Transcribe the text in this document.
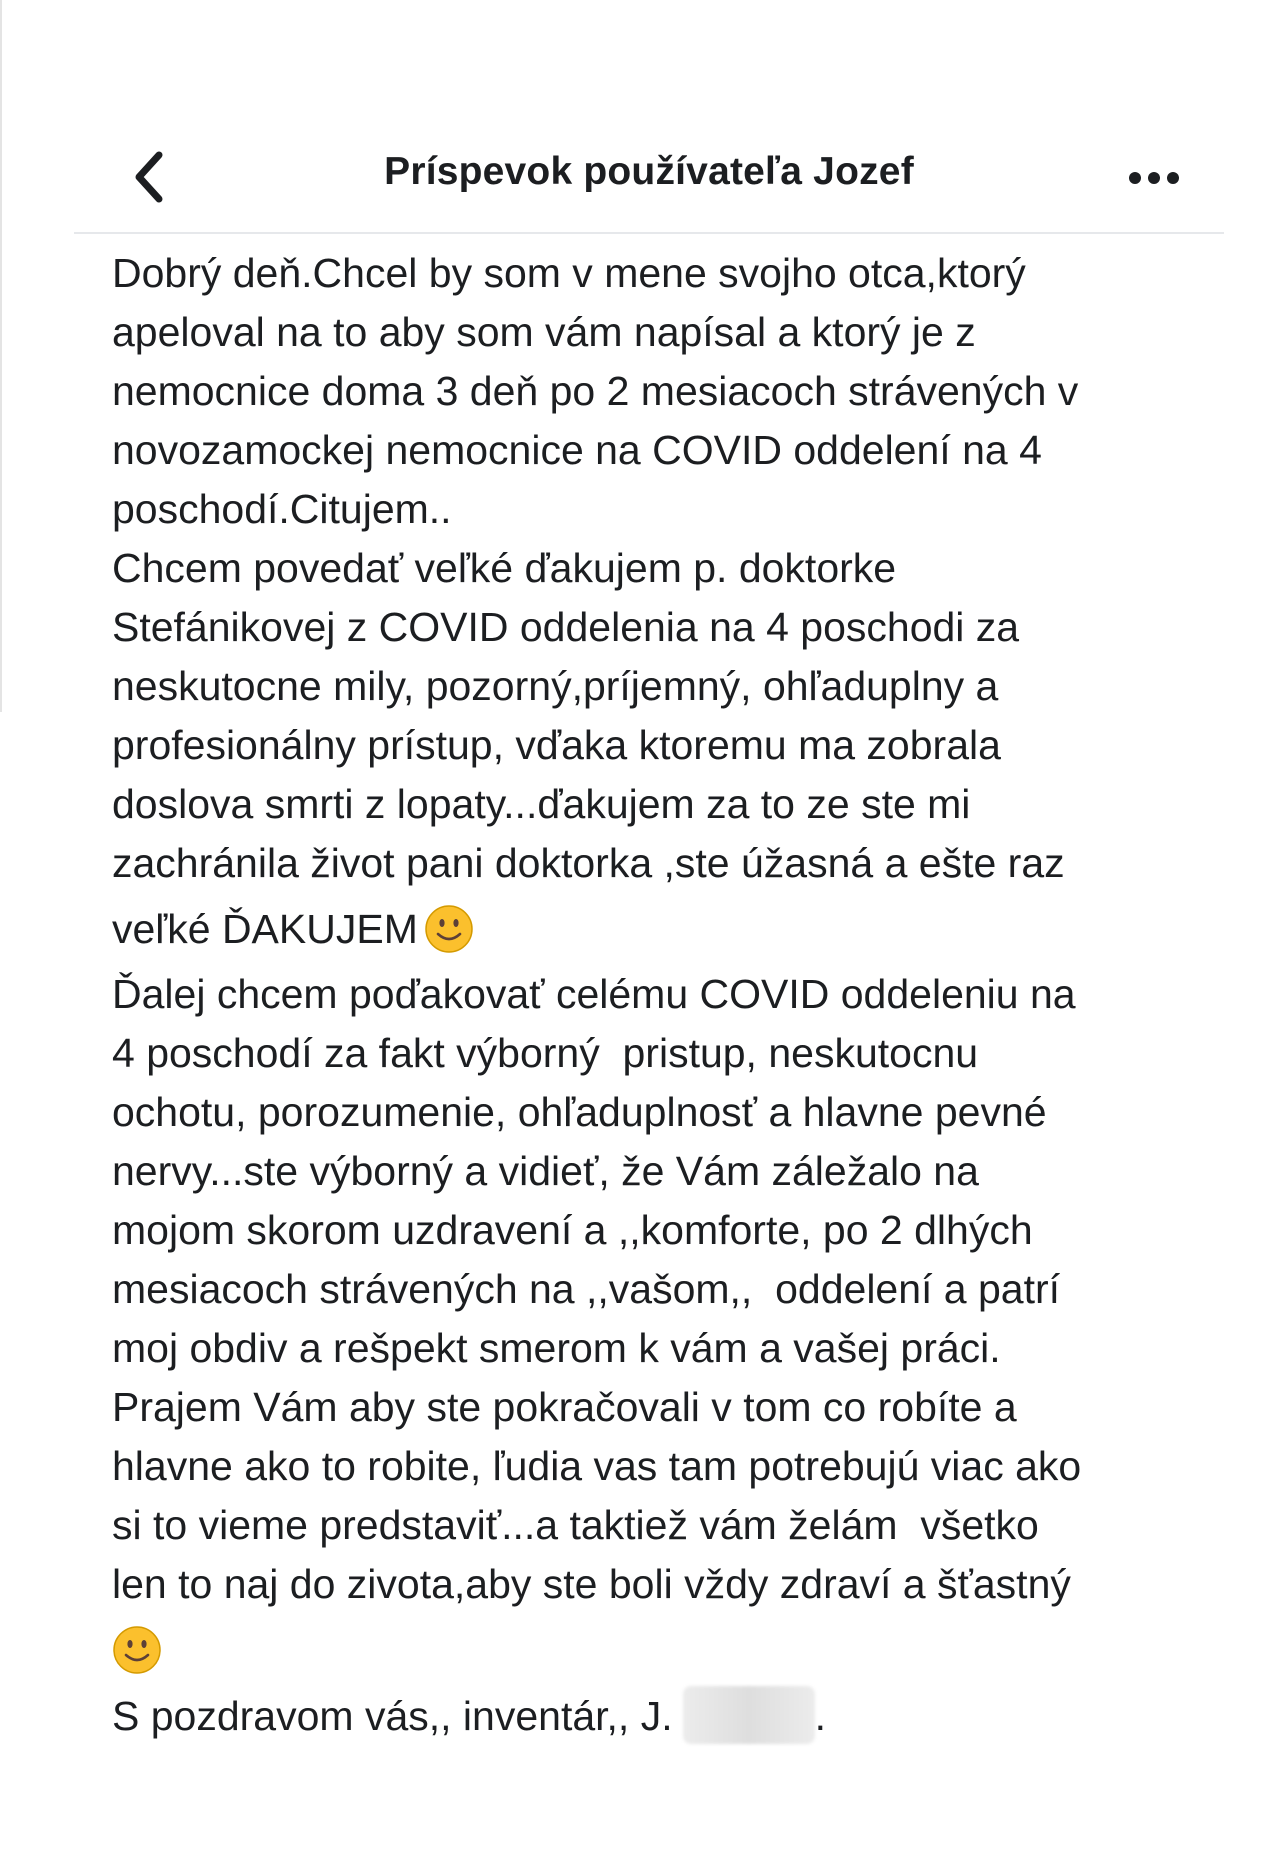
Príspevok používateľa Jozef
Dobrý deň.Chcel by som v mene svojho otca,ktorý
apeloval na to aby som vám napísal a ktorý je z
nemocnice doma 3 deň po 2 mesiacoch strávených v
novozamockej nemocnice na COVID oddelení na 4
poschodí.Citujem..
Chcem povedať veľké ďakujem p. doktorke
Stefánikovej z COVID oddelenia na 4 poschodi za
neskutocne mily, pozorný,príjemný, ohľaduplny a
profesionálny prístup, vďaka ktoremu ma zobrala
doslova smrti z lopaty...ďakujem za to ze ste mi
zachránila život pani doktorka ,ste úžasná a ešte raz
veľké ĎAKUJEM
Ďalej chcem poďakovať celému COVID oddeleniu na
4 poschodí za fakt výborný  pristup, neskutocnu
ochotu, porozumenie, ohľaduplnosť a hlavne pevné
nervy...ste výborný a vidieť, že Vám záležalo na
mojom skorom uzdravení a ,,komforte, po 2 dlhých
mesiacoch strávených na ,,vašom,,  oddelení a patrí
moj obdiv a rešpekt smerom k vám a vašej práci.
Prajem Vám aby ste pokračovali v tom co robíte a
hlavne ako to robite, ľudia vas tam potrebujú viac ako
si to vieme predstaviť...a taktiež vám želám  všetko
len to naj do zivota,aby ste boli vždy zdraví a šťastný
S pozdravom vás,, inventár,, J.	.
